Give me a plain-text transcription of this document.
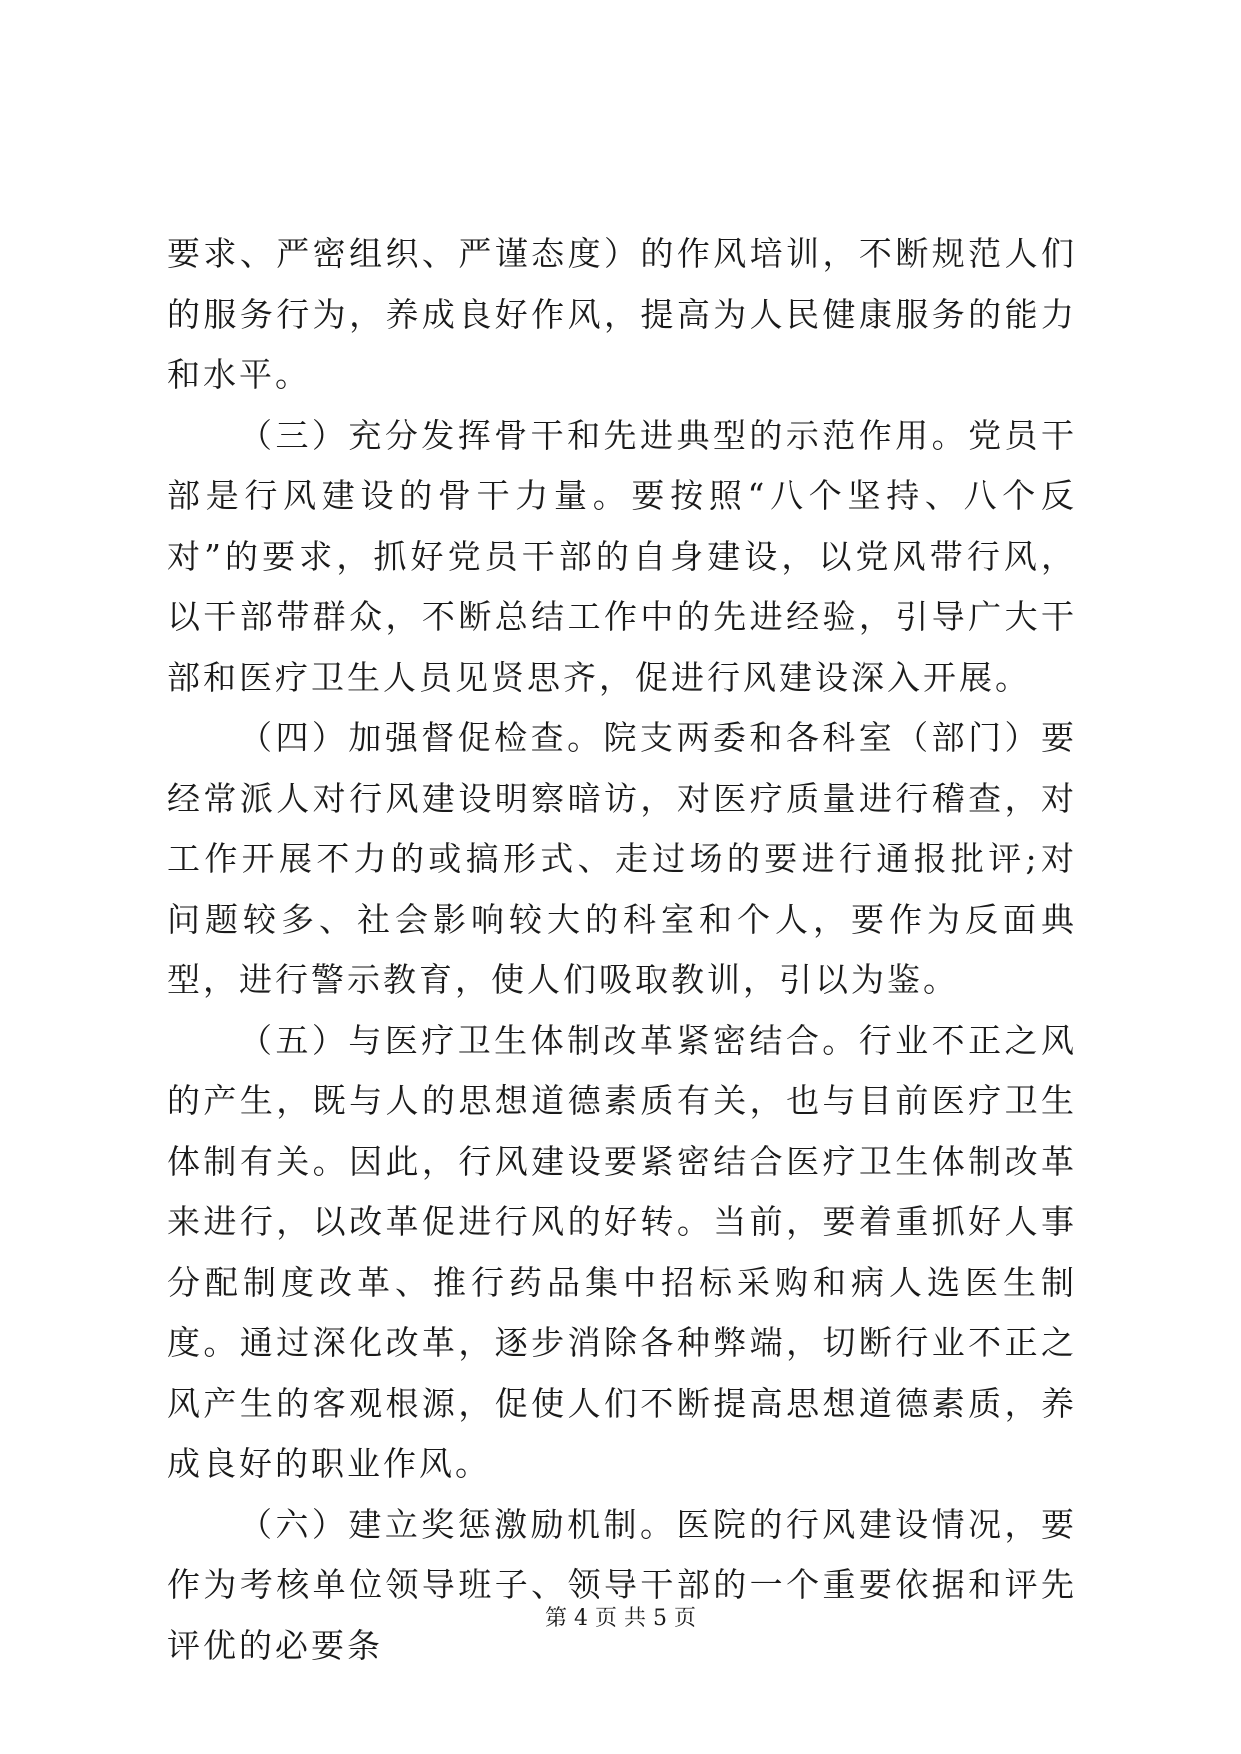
要求、严密组织、严谨态度）的作风培训，不断规范人们的服务行为，养成良好作风，提高为人民健康服务的能力和水平。

（三）充分发挥骨干和先进典型的示范作用。党员干部是行风建设的骨干力量。要按照“八个坚持、八个反对”的要求，抓好党员干部的自身建设，以党风带行风，以干部带群众，不断总结工作中的先进经验，引导广大干部和医疗卫生人员见贤思齐，促进行风建设深入开展。

（四）加强督促检查。院支两委和各科室（部门）要经常派人对行风建设明察暗访，对医疗质量进行稽查，对工作开展不力的或搞形式、走过场的要进行通报批评;对问题较多、社会影响较大的科室和个人，要作为反面典型，进行警示教育，使人们吸取教训，引以为鉴。

（五）与医疗卫生体制改革紧密结合。行业不正之风的产生，既与人的思想道德素质有关，也与目前医疗卫生体制有关。因此，行风建设要紧密结合医疗卫生体制改革来进行，以改革促进行风的好转。当前，要着重抓好人事分配制度改革、推行药品集中招标采购和病人选医生制度。通过深化改革，逐步消除各种弊端，切断行业不正之风产生的客观根源，促使人们不断提高思想道德素质，养成良好的职业作风。

（六）建立奖惩激励机制。医院的行风建设情况，要作为考核单位领导班子、领导干部的一个重要依据和评先评优的必要条

第 4 页 共 5 页
